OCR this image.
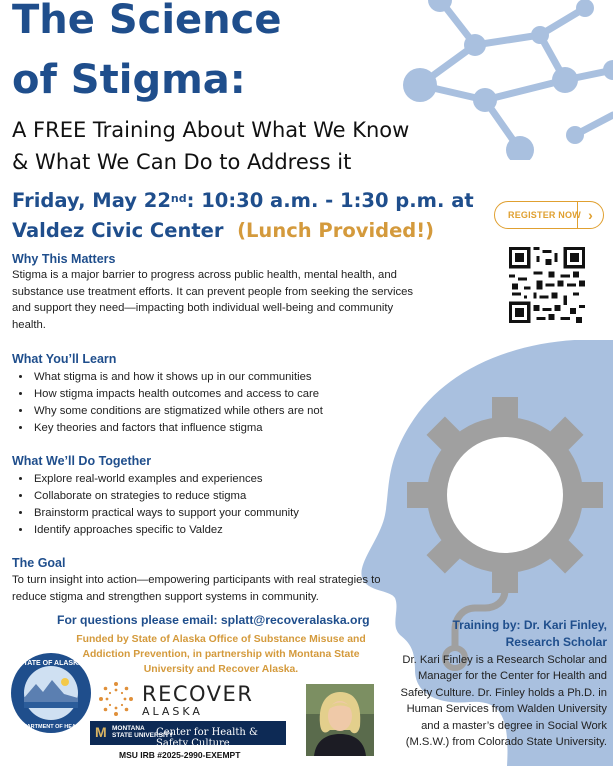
The Science
of Stigma:
A FREE Training About What We Know
& What We Can Do to Address it
Friday, May 22nd: 10:30 a.m. - 1:30 p.m. at
Valdez Civic Center (Lunch Provided!)
REGISTER NOW ›
Why This Matters
Stigma is a major barrier to progress across public health, mental health, and
substance use treatment efforts. It can prevent people from seeking the services
and support they need—impacting both individual well-being and community
health.
What You’ll Learn
• What stigma is and how it shows up in our communities
• How stigma impacts health outcomes and access to care
• Why some conditions are stigmatized while others are not
• Key theories and factors that influence stigma
What We’ll Do Together
• Explore real-world examples and experiences
• Collaborate on strategies to reduce stigma
• Brainstorm practical ways to support your community
• Identify approaches specific to Valdez
The Goal
To turn insight into action—empowering participants with real strategies to
reduce stigma and strengthen support systems in community.
For questions please email: splatt@recoveralaska.org
Funded by State of Alaska Office of Substance Misuse and
Addiction Prevention, in partnership with Montana State
University and Recover Alaska.
Training by: Dr. Kari Finley,
Research Scholar
Dr. Kari Finley is a Research Scholar and
Manager for the Center for Health and
Safety Culture. Dr. Finley holds a Ph.D. in
Human Services from Walden University
and a master’s degree in Social Work
(M.S.W.) from Colorado State University.
STATE OF ALASKA
DEPARTMENT OF HEALTH
RECOVER
ALASKA
M MONTANA
STATE UNIVERSITY
Center for Health & Safety Culture
MSU IRB #2025-2990-EXEMPT
